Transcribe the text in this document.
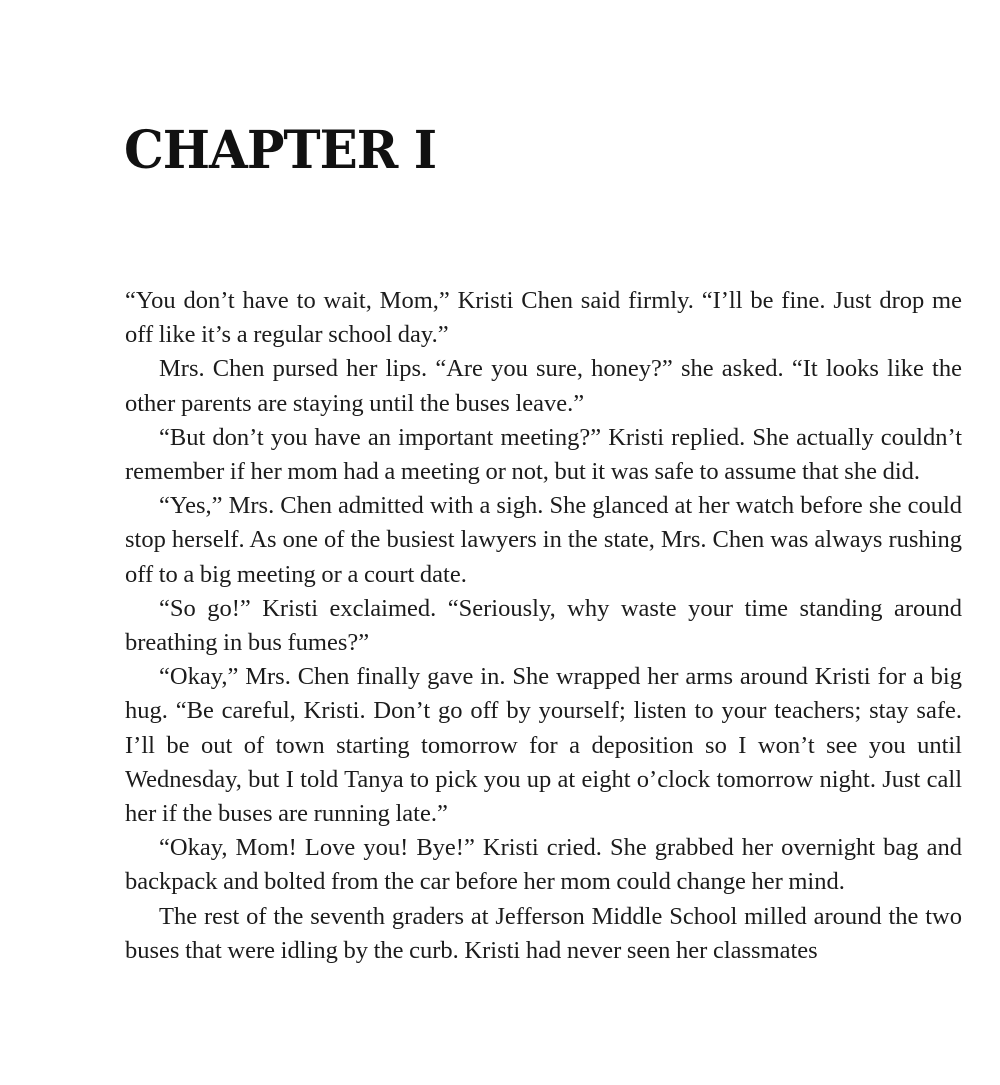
CHAPTER I

“You don’t have to wait, Mom,” Kristi Chen said firmly. “I’ll be fine. Just drop me off like it’s a regular school day.”

Mrs. Chen pursed her lips. “Are you sure, honey?” she asked. “It looks like the other parents are staying until the buses leave.”

“But don’t you have an important meeting?” Kristi replied. She actually couldn’t remember if her mom had a meeting or not, but it was safe to assume that she did.

“Yes,” Mrs. Chen admitted with a sigh. She glanced at her watch before she could stop herself. As one of the busiest lawyers in the state, Mrs. Chen was always rushing off to a big meeting or a court date.

“So go!” Kristi exclaimed. “Seriously, why waste your time standing around breathing in bus fumes?”

“Okay,” Mrs. Chen finally gave in. She wrapped her arms around Kristi for a big hug. “Be careful, Kristi. Don’t go off by yourself; listen to your teachers; stay safe. I’ll be out of town starting tomorrow for a deposition so I won’t see you until Wednesday, but I told Tanya to pick you up at eight o’clock tomorrow night. Just call her if the buses are running late.”

“Okay, Mom! Love you! Bye!” Kristi cried. She grabbed her overnight bag and backpack and bolted from the car before her mom could change her mind.

The rest of the seventh graders at Jefferson Middle School milled around the two buses that were idling by the curb. Kristi had never seen her classmates
